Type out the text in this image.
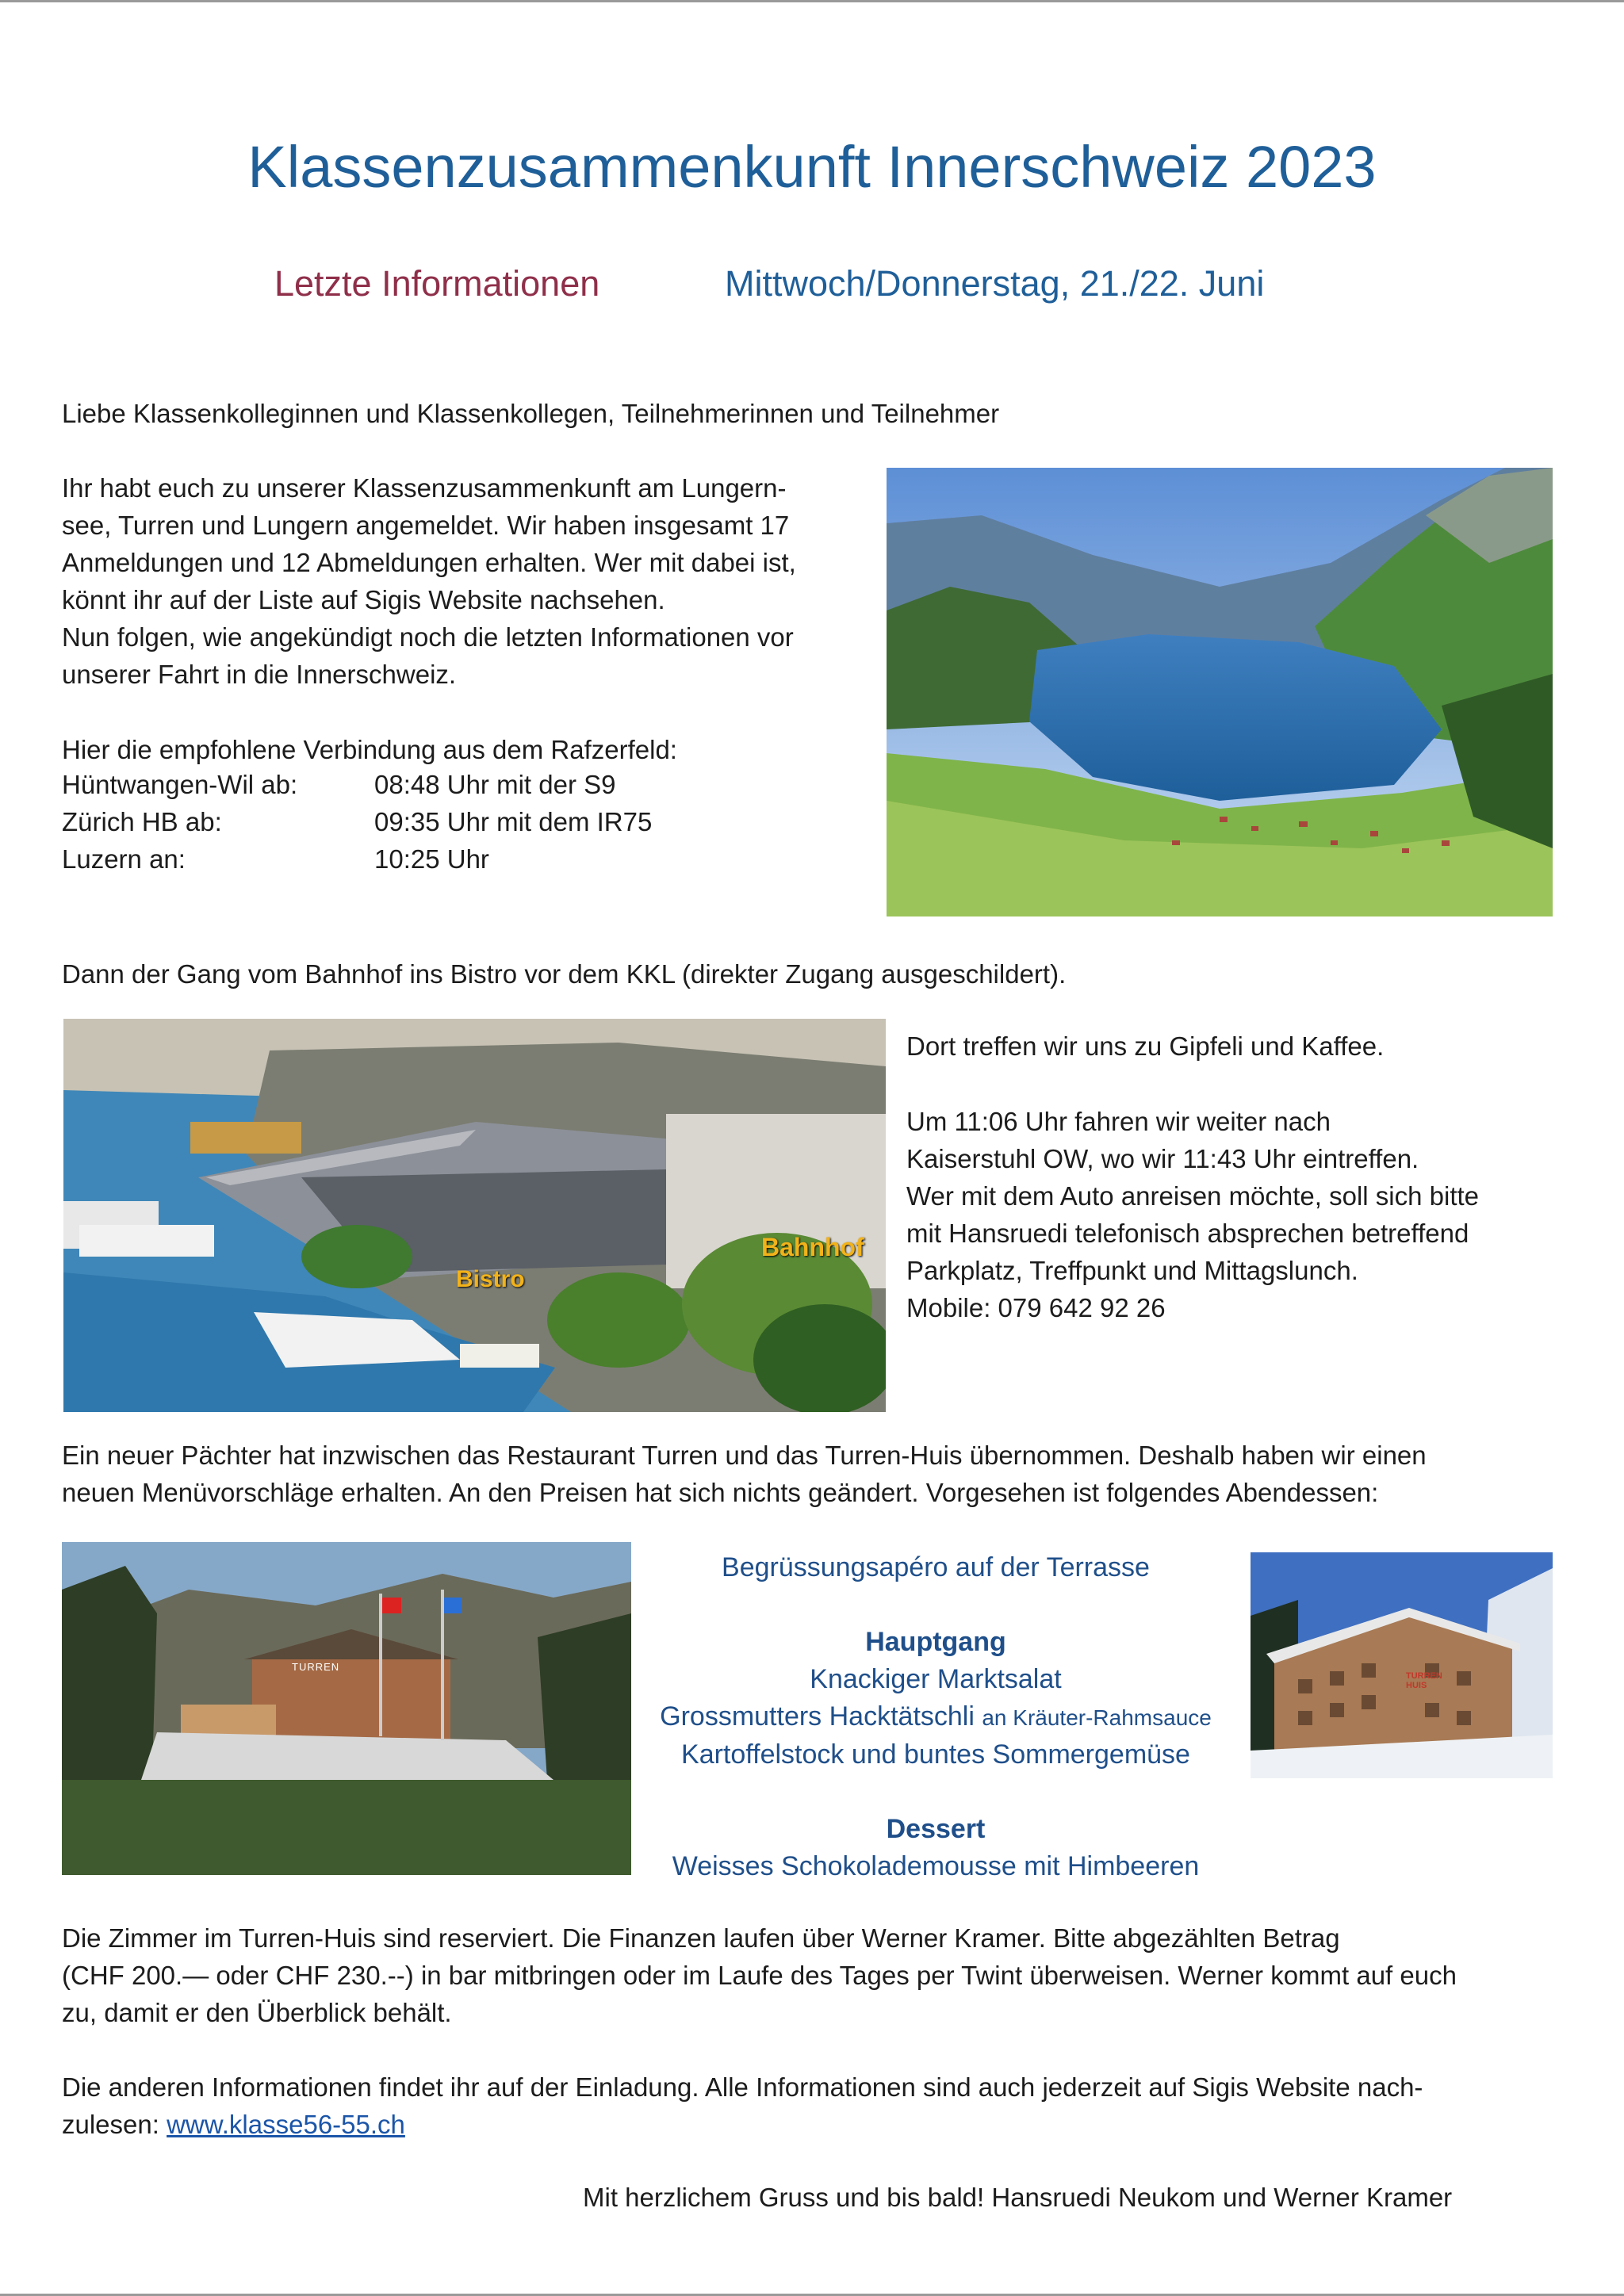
Klassenzusammenkunft Innerschweiz 2023
Letzte Informationen	Mittwoch/Donnerstag, 21./22. Juni
Liebe Klassenkolleginnen und Klassenkollegen, Teilnehmerinnen und Teilnehmer
Ihr habt euch zu unserer Klassenzusammenkunft am Lungern-
see, Turren und Lungern angemeldet. Wir haben insgesamt 17
Anmeldungen und 12 Abmeldungen erhalten. Wer mit dabei ist,
könnt ihr auf der Liste auf Sigis Website nachsehen.
Nun folgen, wie angekündigt noch die letzten Informationen vor
unserer Fahrt in die Innerschweiz.
Hier die empfohlene Verbindung aus dem Rafzerfeld:
Hüntwangen-Wil ab:	08:48 Uhr mit der S9
Zürich HB ab:	09:35 Uhr mit dem IR75
Luzern an:	10:25 Uhr
Dann der Gang vom Bahnhof ins Bistro vor dem KKL (direkter Zugang ausgeschildert).
Bahnhof
Bistro
Dort treffen wir uns zu Gipfeli und Kaffee.
Um 11:06 Uhr fahren wir weiter nach
Kaiserstuhl OW, wo wir 11:43 Uhr eintreffen.
Wer mit dem Auto anreisen möchte, soll sich bitte
mit Hansruedi telefonisch absprechen betreffend
Parkplatz, Treffpunkt und Mittagslunch.
Mobile: 079 642 92 26
Ein neuer Pächter hat inzwischen das Restaurant Turren und das Turren-Huis übernommen. Deshalb haben wir einen
neuen Menüvorschläge erhalten. An den Preisen hat sich nichts geändert. Vorgesehen ist folgendes Abendessen:
TURREN
Begrüssungsapéro auf der Terrasse
Hauptgang
Knackiger Marktsalat
Grossmutters Hacktätschli an Kräuter-Rahmsauce
Kartoffelstock und buntes Sommergemüse
Dessert
Weisses Schokolademousse mit Himbeeren
TURREN HUIS
Die Zimmer im Turren-Huis sind reserviert. Die Finanzen laufen über Werner Kramer. Bitte abgezählten Betrag
(CHF 200.— oder CHF 230.--) in bar mitbringen oder im Laufe des Tages per Twint überweisen. Werner kommt auf euch
zu, damit er den Überblick behält.
Die anderen Informationen findet ihr auf der Einladung. Alle Informationen sind auch jederzeit auf Sigis Website nach-
zulesen: www.klasse56-55.ch
Mit herzlichem Gruss und bis bald! Hansruedi Neukom und Werner Kramer
